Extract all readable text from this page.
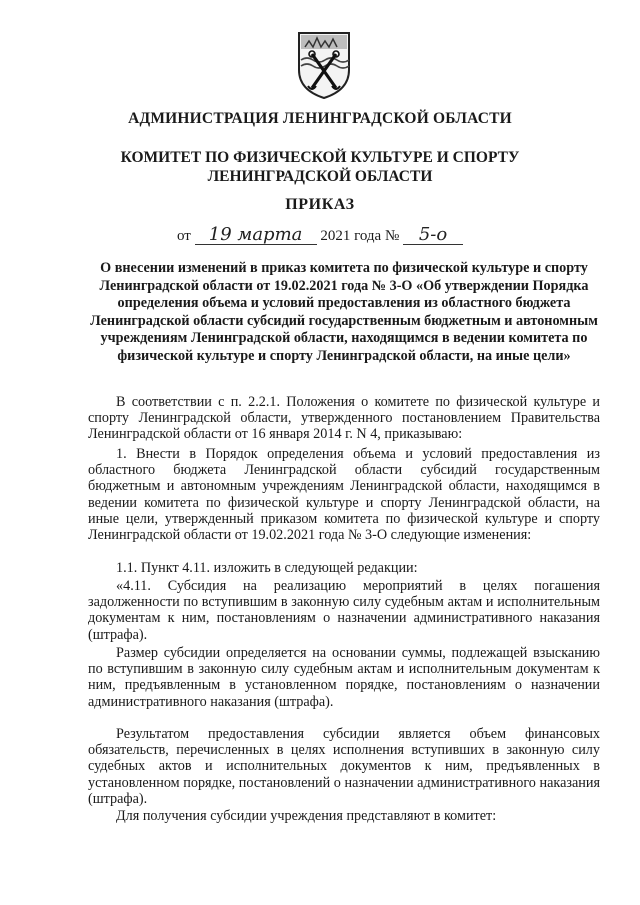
АДМИНИСТРАЦИЯ ЛЕНИНГРАДСКОЙ ОБЛАСТИ
КОМИТЕТ ПО ФИЗИЧЕСКОЙ КУЛЬТУРЕ И СПОРТУ
ЛЕНИНГРАДСКОЙ ОБЛАСТИ
ПРИКАЗ
от 19 марта 2021 года № 5-о
О внесении изменений в приказ комитета по физической культуре и спорту Ленинградской области от 19.02.2021 года № 3-О «Об утверждении Порядка определения объема и условий предоставления из областного бюджета Ленинградской области субсидий государственным бюджетным и автономным учреждениям Ленинградской области, находящимся в ведении комитета по физической культуре и спорту Ленинградской области, на иные цели»

В соответствии с п. 2.2.1. Положения о комитете по физической культуре и спорту Ленинградской области, утвержденного постановлением Правительства Ленинградской области от 16 января 2014 г. N 4, приказываю:

1. Внести в Порядок определения объема и условий предоставления из областного бюджета Ленинградской области субсидий государственным бюджетным и автономным учреждениям Ленинградской области, находящимся в ведении комитета по физической культуре и спорту Ленинградской области, на иные цели, утвержденный приказом комитета по физической культуре и спорту Ленинградской области от 19.02.2021 года № 3-О следующие изменения:

1.1. Пункт 4.11. изложить в следующей редакции:

«4.11. Субсидия на реализацию мероприятий в целях погашения задолженности по вступившим в законную силу судебным актам и исполнительным документам к ним, постановлениям о назначении административного наказания (штрафа).

Размер субсидии определяется на основании суммы, подлежащей взысканию по вступившим в законную силу судебным актам и исполнительным документам к ним, предъявленным в установленном порядке, постановлениям о назначении административного наказания (штрафа).

Результатом предоставления субсидии является объем финансовых обязательств, перечисленных в целях исполнения вступивших в законную силу судебных актов и исполнительных документов к ним, предъявленных в установленном порядке, постановлений о назначении административного наказания (штрафа).

Для получения субсидии учреждения представляют в комитет:
